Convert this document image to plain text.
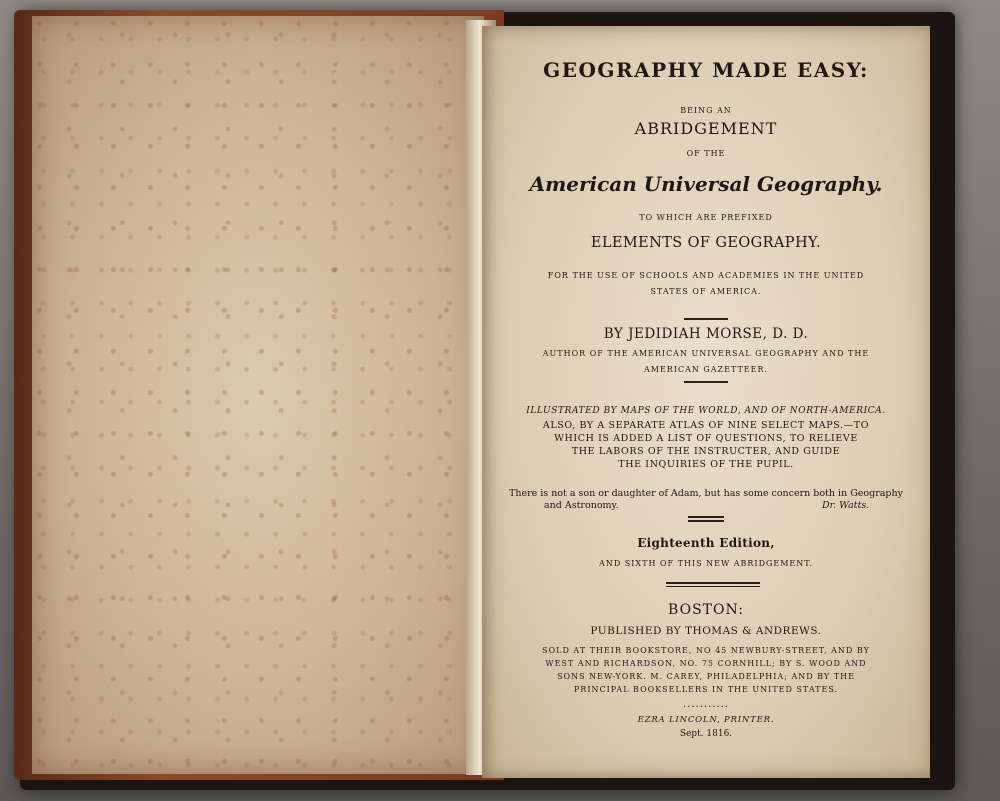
GEOGRAPHY MADE EASY:
BEING AN
ABRIDGEMENT
OF THE
American Universal Geography.
TO WHICH ARE PREFIXED
ELEMENTS OF GEOGRAPHY.
FOR THE USE OF SCHOOLS AND ACADEMIES IN THE UNITED
STATES OF AMERICA.
BY JEDIDIAH MORSE, D. D.
AUTHOR OF THE AMERICAN UNIVERSAL GEOGRAPHY AND THE
AMERICAN GAZETTEER.
ILLUSTRATED BY MAPS OF THE WORLD, AND OF NORTH-AMERICA.
ALSO, BY A SEPARATE ATLAS OF NINE SELECT MAPS.—TO
WHICH IS ADDED A LIST OF QUESTIONS, TO RELIEVE
THE LABORS OF THE INSTRUCTER, AND GUIDE
THE INQUIRIES OF THE PUPIL.
There is not a son or daughter of Adam, but has some concern both in Geography
and Astronomy.	Dr. Watts.
Eighteenth Edition,
AND SIXTH OF THIS NEW ABRIDGEMENT.
BOSTON:
PUBLISHED BY THOMAS & ANDREWS.
SOLD AT THEIR BOOKSTORE, NO 45 NEWBURY-STREET, AND BY
WEST AND RICHARDSON, NO. 75 CORNHILL; BY S. WOOD AND
SONS NEW-YORK. M. CAREY, PHILADELPHIA; AND BY THE
PRINCIPAL BOOKSELLERS IN THE UNITED STATES.
...........
EZRA LINCOLN, PRINTER.
Sept. 1816.
